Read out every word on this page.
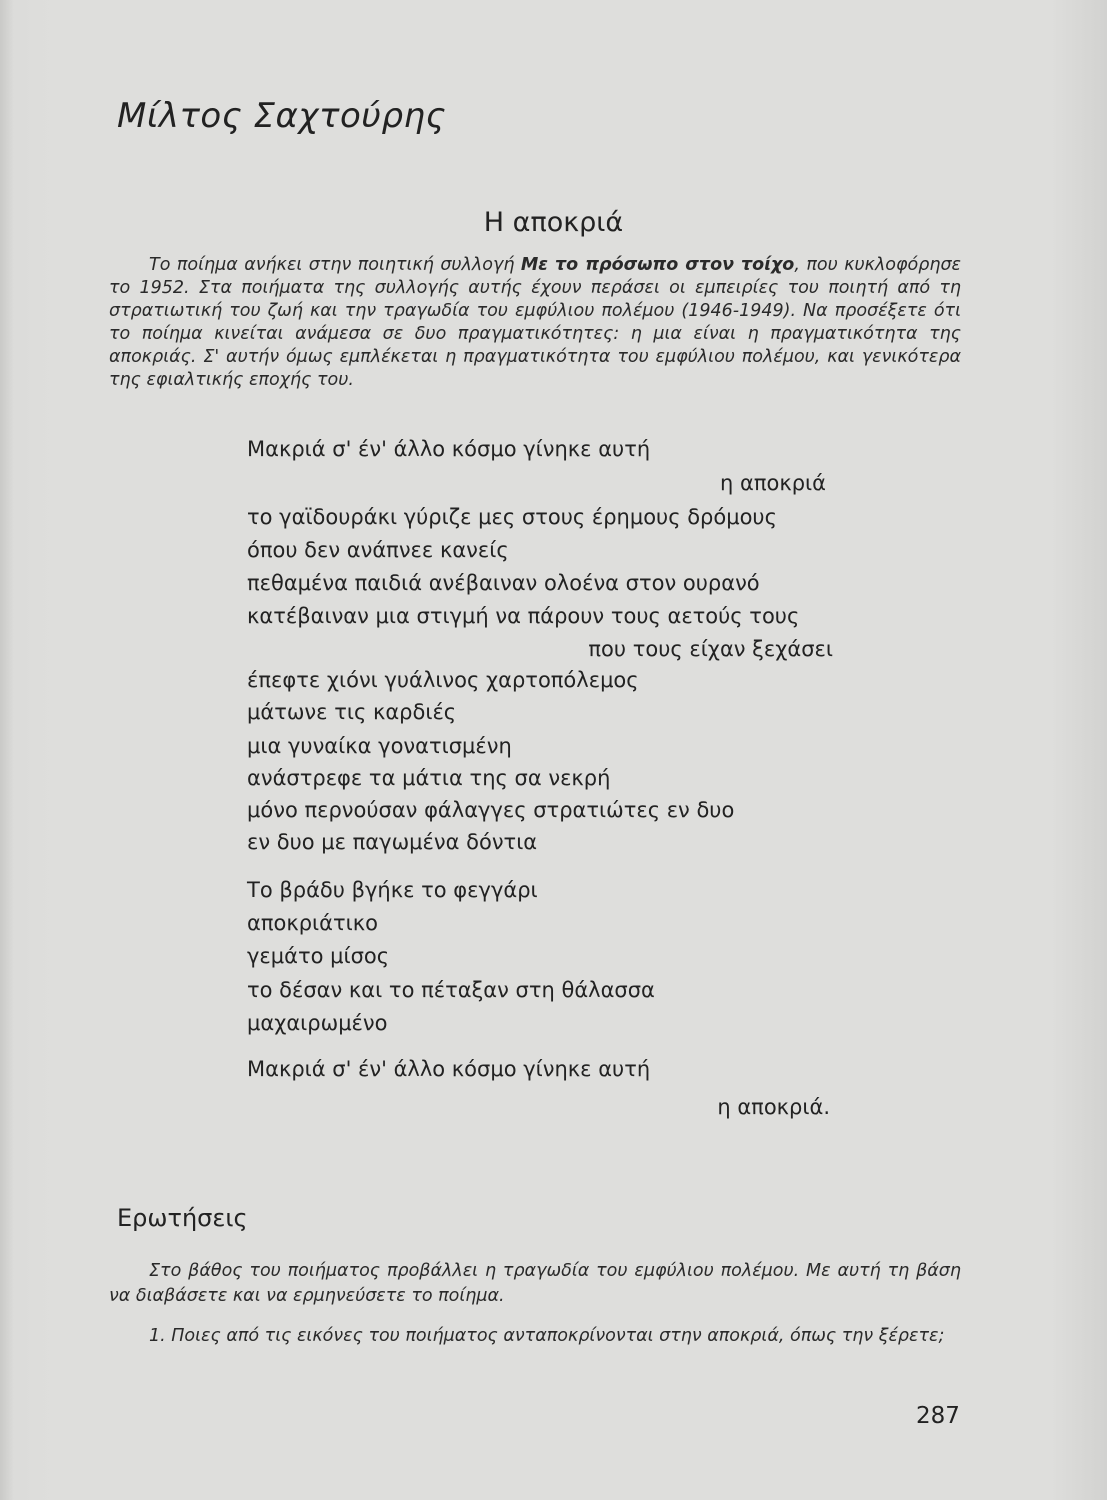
Μίλτος Σαχτούρης
Η αποκριά
Το ποίημα ανήκει στην ποιητική συλλογή Με το πρόσωπο στον τοίχο, που κυκλοφόρησε το 1952. Στα ποιήματα της συλλογής αυτής έχουν περάσει οι εμπειρίες του ποιητή από τη στρατιωτική του ζωή και την τραγωδία του εμφύλιου πολέμου (1946-1949). Να προσέξετε ότι το ποίημα κινείται ανάμεσα σε δυο πραγματικότητες: η μια είναι η πραγματικότητα της αποκριάς. Σ' αυτήν όμως εμπλέκεται η πραγματικότητα του εμφύλιου πολέμου, και γενικότερα της εφιαλτικής εποχής του.
Μακριά σ' έν' άλλο κόσμο γίνηκε αυτή
η αποκριά
το γαϊδουράκι γύριζε μες στους έρημους δρόμους
όπου δεν ανάπνεε κανείς
πεθαμένα παιδιά ανέβαιναν ολοένα στον ουρανό
κατέβαιναν μια στιγμή να πάρουν τους αετούς τους
που τους είχαν ξεχάσει
έπεφτε χιόνι γυάλινος χαρτοπόλεμος
μάτωνε τις καρδιές
μια γυναίκα γονατισμένη
ανάστρεφε τα μάτια της σα νεκρή
μόνο περνούσαν φάλαγγες στρατιώτες εν δυο
εν δυο με παγωμένα δόντια
Το βράδυ βγήκε το φεγγάρι
αποκριάτικο
γεμάτο μίσος
το δέσαν και το πέταξαν στη θάλασσα
μαχαιρωμένο
Μακριά σ' έν' άλλο κόσμο γίνηκε αυτή
η αποκριά.
Ερωτήσεις
Στο βάθος του ποιήματος προβάλλει η τραγωδία του εμφύλιου πολέμου. Με αυτή τη βάση να διαβάσετε και να ερμηνεύσετε το ποίημα.
1. Ποιες από τις εικόνες του ποιήματος ανταποκρίνονται στην αποκριά, όπως την ξέρετε;
287
